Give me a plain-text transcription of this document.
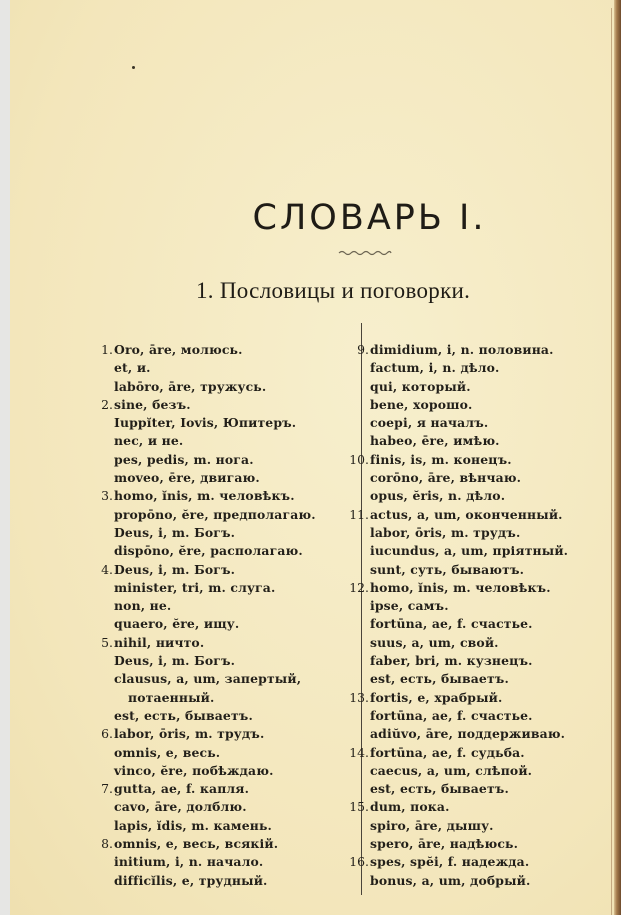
СЛОВАРЬ I.
1. Пословицы и поговорки.
1. Oro, āre, молюсь.
et, и.
labōro, āre, тружусь.
2. sine, безъ.
Iuppĭter, Iovis, Юпитеръ.
nec, и не.
pes, pedis, m. нога.
moveo, ēre, двигаю.
3. homo, ĭnis, m. человѣкъ.
propōno, ĕre, предполагаю.
Deus, i, m. Богъ.
dispōno, ĕre, располагаю.
4. Deus, i, m. Богъ.
minister, tri, m. слуга.
non, не.
quaero, ĕre, ищу.
5. nihil, ничто.
Deus, i, m. Богъ.
clausus, a, um, запертый,
потаенный.
est, есть, бываетъ.
6. labor, ōris, m. трудъ.
omnis, e, весь.
vinco, ĕre, побѣждаю.
7. gutta, ae, f. капля.
cavo, āre, долблю.
lapis, ĭdis, m. камень.
8. omnis, e, весь, всякій.
initium, i, n. начало.
difficĭlis, e, трудный.
9. dimidium, i, n. половина.
factum, i, n. дѣло.
qui, который.
bene, хорошо.
coepi, я началъ.
habeo, ēre, имѣю.
10. finis, is, m. конецъ.
corōno, āre, вѣнчаю.
opus, ĕris, n. дѣло.
11. actus, a, um, оконченный.
labor, ōris, m. трудъ.
iucundus, a, um, пріятный.
sunt, суть, бываютъ.
12. homo, ĭnis, m. человѣкъ.
ipse, самъ.
fortūna, ae, f. счастье.
suus, a, um, свой.
faber, bri, m. кузнецъ.
est, есть, бываетъ.
13. fortis, e, храбрый.
fortūna, ae, f. счастье.
adiŭvo, āre, поддерживаю.
14. fortūna, ae, f. судьба.
caecus, a, um, слѣпой.
est, есть, бываетъ.
15. dum, пока.
spiro, āre, дышу.
spero, āre, надѣюсь.
16. spes, spĕi, f. надежда.
bonus, a, um, добрый.
